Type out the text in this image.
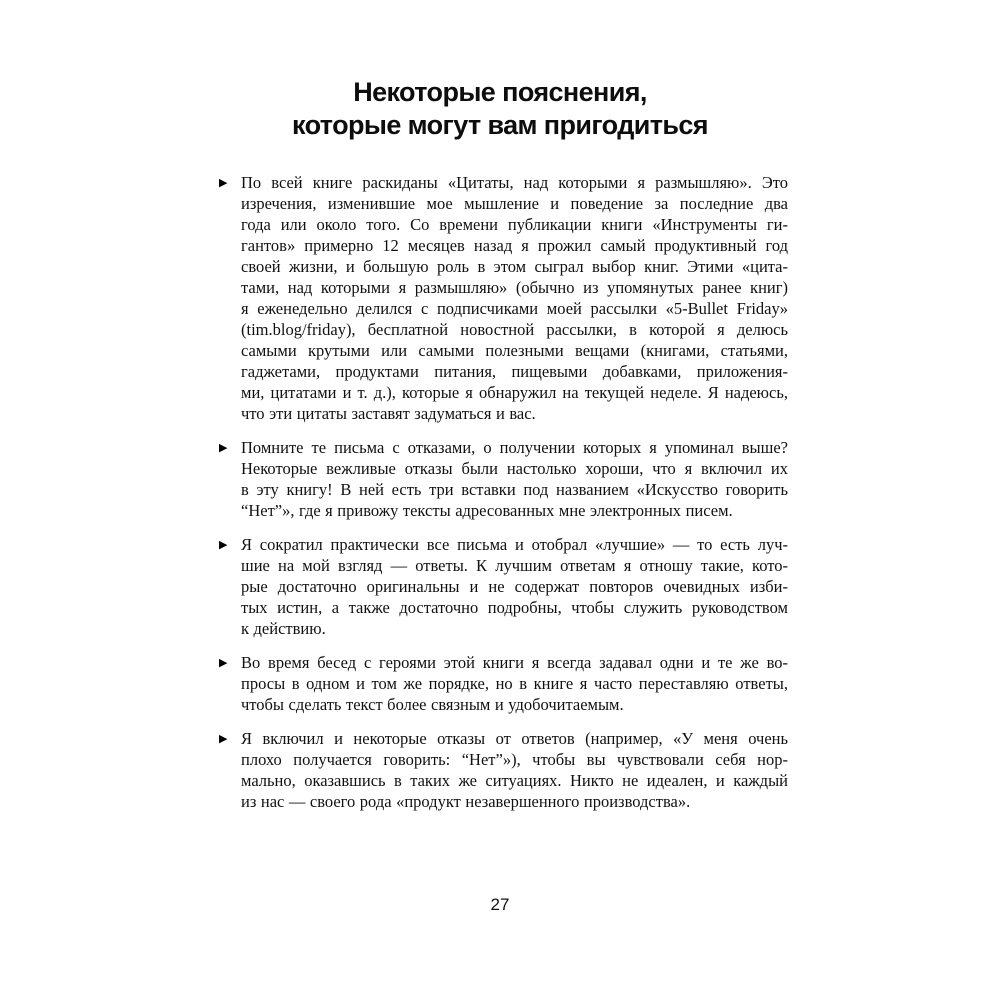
Некоторые пояснения,
которые могут вам пригодиться
▶ По всей книге раскиданы «Цитаты, над которыми я размышляю». Это
изречения, изменившие мое мышление и поведение за последние два
года или около того. Со времени публикации книги «Инструменты ги-
гантов» примерно 12 месяцев назад я прожил самый продуктивный год
своей жизни, и большую роль в этом сыграл выбор книг. Этими «цита-
тами, над которыми я размышляю» (обычно из упомянутых ранее книг)
я еженедельно делился с подписчиками моей рассылки «5-Bullet Friday»
(tim.blog/friday), бесплатной новостной рассылки, в которой я делюсь
самыми крутыми или самыми полезными вещами (книгами, статьями,
гаджетами, продуктами питания, пищевыми добавками, приложения-
ми, цитатами и т. д.), которые я обнаружил на текущей неделе. Я надеюсь,
что эти цитаты заставят задуматься и вас.
▶ Помните те письма с отказами, о получении которых я упоминал выше?
Некоторые вежливые отказы были настолько хороши, что я включил их
в эту книгу! В ней есть три вставки под названием «Искусство говорить
“Нет”», где я привожу тексты адресованных мне электронных писем.
▶ Я сократил практически все письма и отобрал «лучшие» — то есть луч-
шие на мой взгляд — ответы. К лучшим ответам я отношу такие, кото-
рые достаточно оригинальны и не содержат повторов очевидных изби-
тых истин, а также достаточно подробны, чтобы служить руководством
к действию.
▶ Во время бесед с героями этой книги я всегда задавал одни и те же во-
просы в одном и том же порядке, но в книге я часто переставляю ответы,
чтобы сделать текст более связным и удобочитаемым.
▶ Я включил и некоторые отказы от ответов (например, «У меня очень
плохо получается говорить: “Нет”»), чтобы вы чувствовали себя нор-
мально, оказавшись в таких же ситуациях. Никто не идеален, и каждый
из нас — своего рода «продукт незавершенного производства».
27
